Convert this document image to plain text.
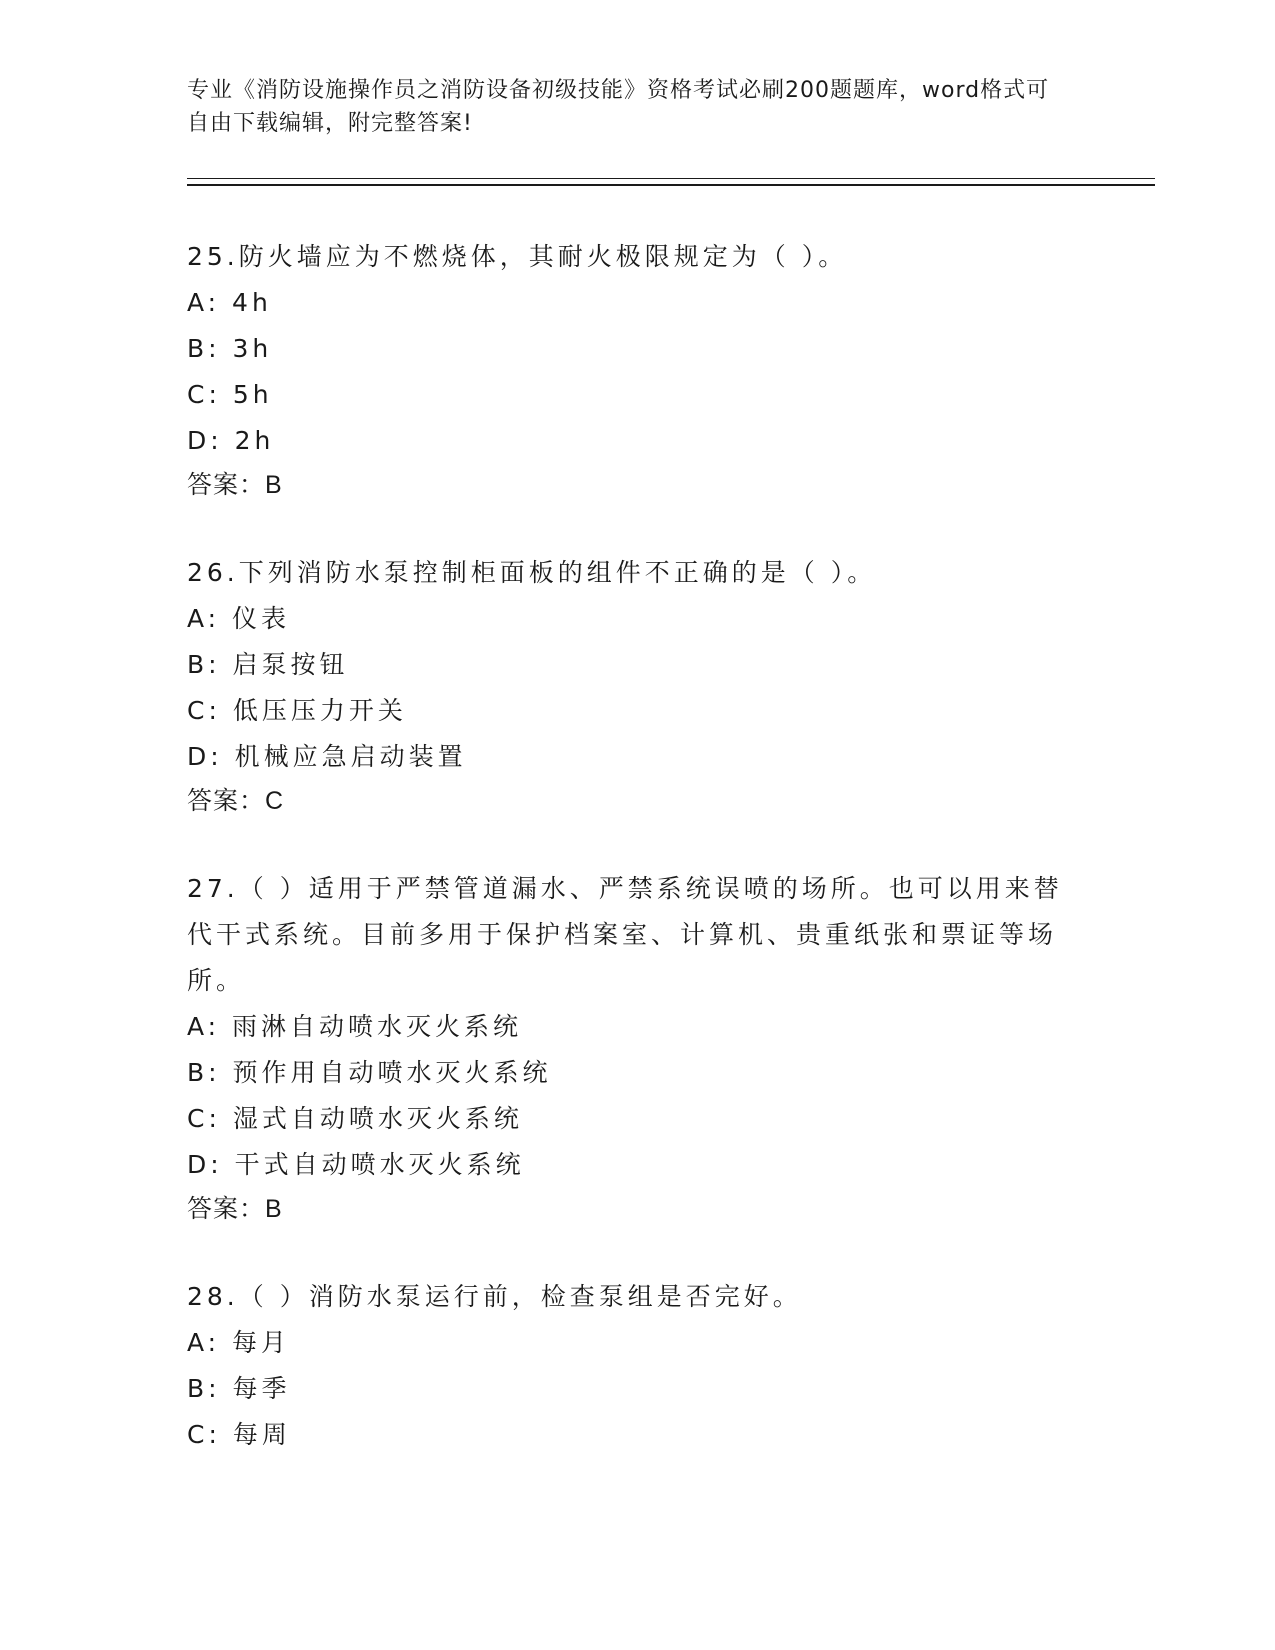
专业《消防设施操作员之消防设备初级技能》资格考试必刷200题题库，word格式可自由下载编辑，附完整答案!

25.防火墙应为不燃烧体，其耐火极限规定为（ ）。

A: 4h

B: 3h

C: 5h

D: 2h

答案：B

26.下列消防水泵控制柜面板的组件不正确的是（ ）。

A: 仪表

B: 启泵按钮

C: 低压压力开关

D: 机械应急启动装置

答案：C

27.（ ）适用于严禁管道漏水、严禁系统误喷的场所。也可以用来替代干式系统。目前多用于保护档案室、计算机、贵重纸张和票证等场所。

A: 雨淋自动喷水灭火系统

B: 预作用自动喷水灭火系统

C: 湿式自动喷水灭火系统

D: 干式自动喷水灭火系统

答案：B

28.（ ）消防水泵运行前，检查泵组是否完好。

A: 每月

B: 每季

C: 每周
